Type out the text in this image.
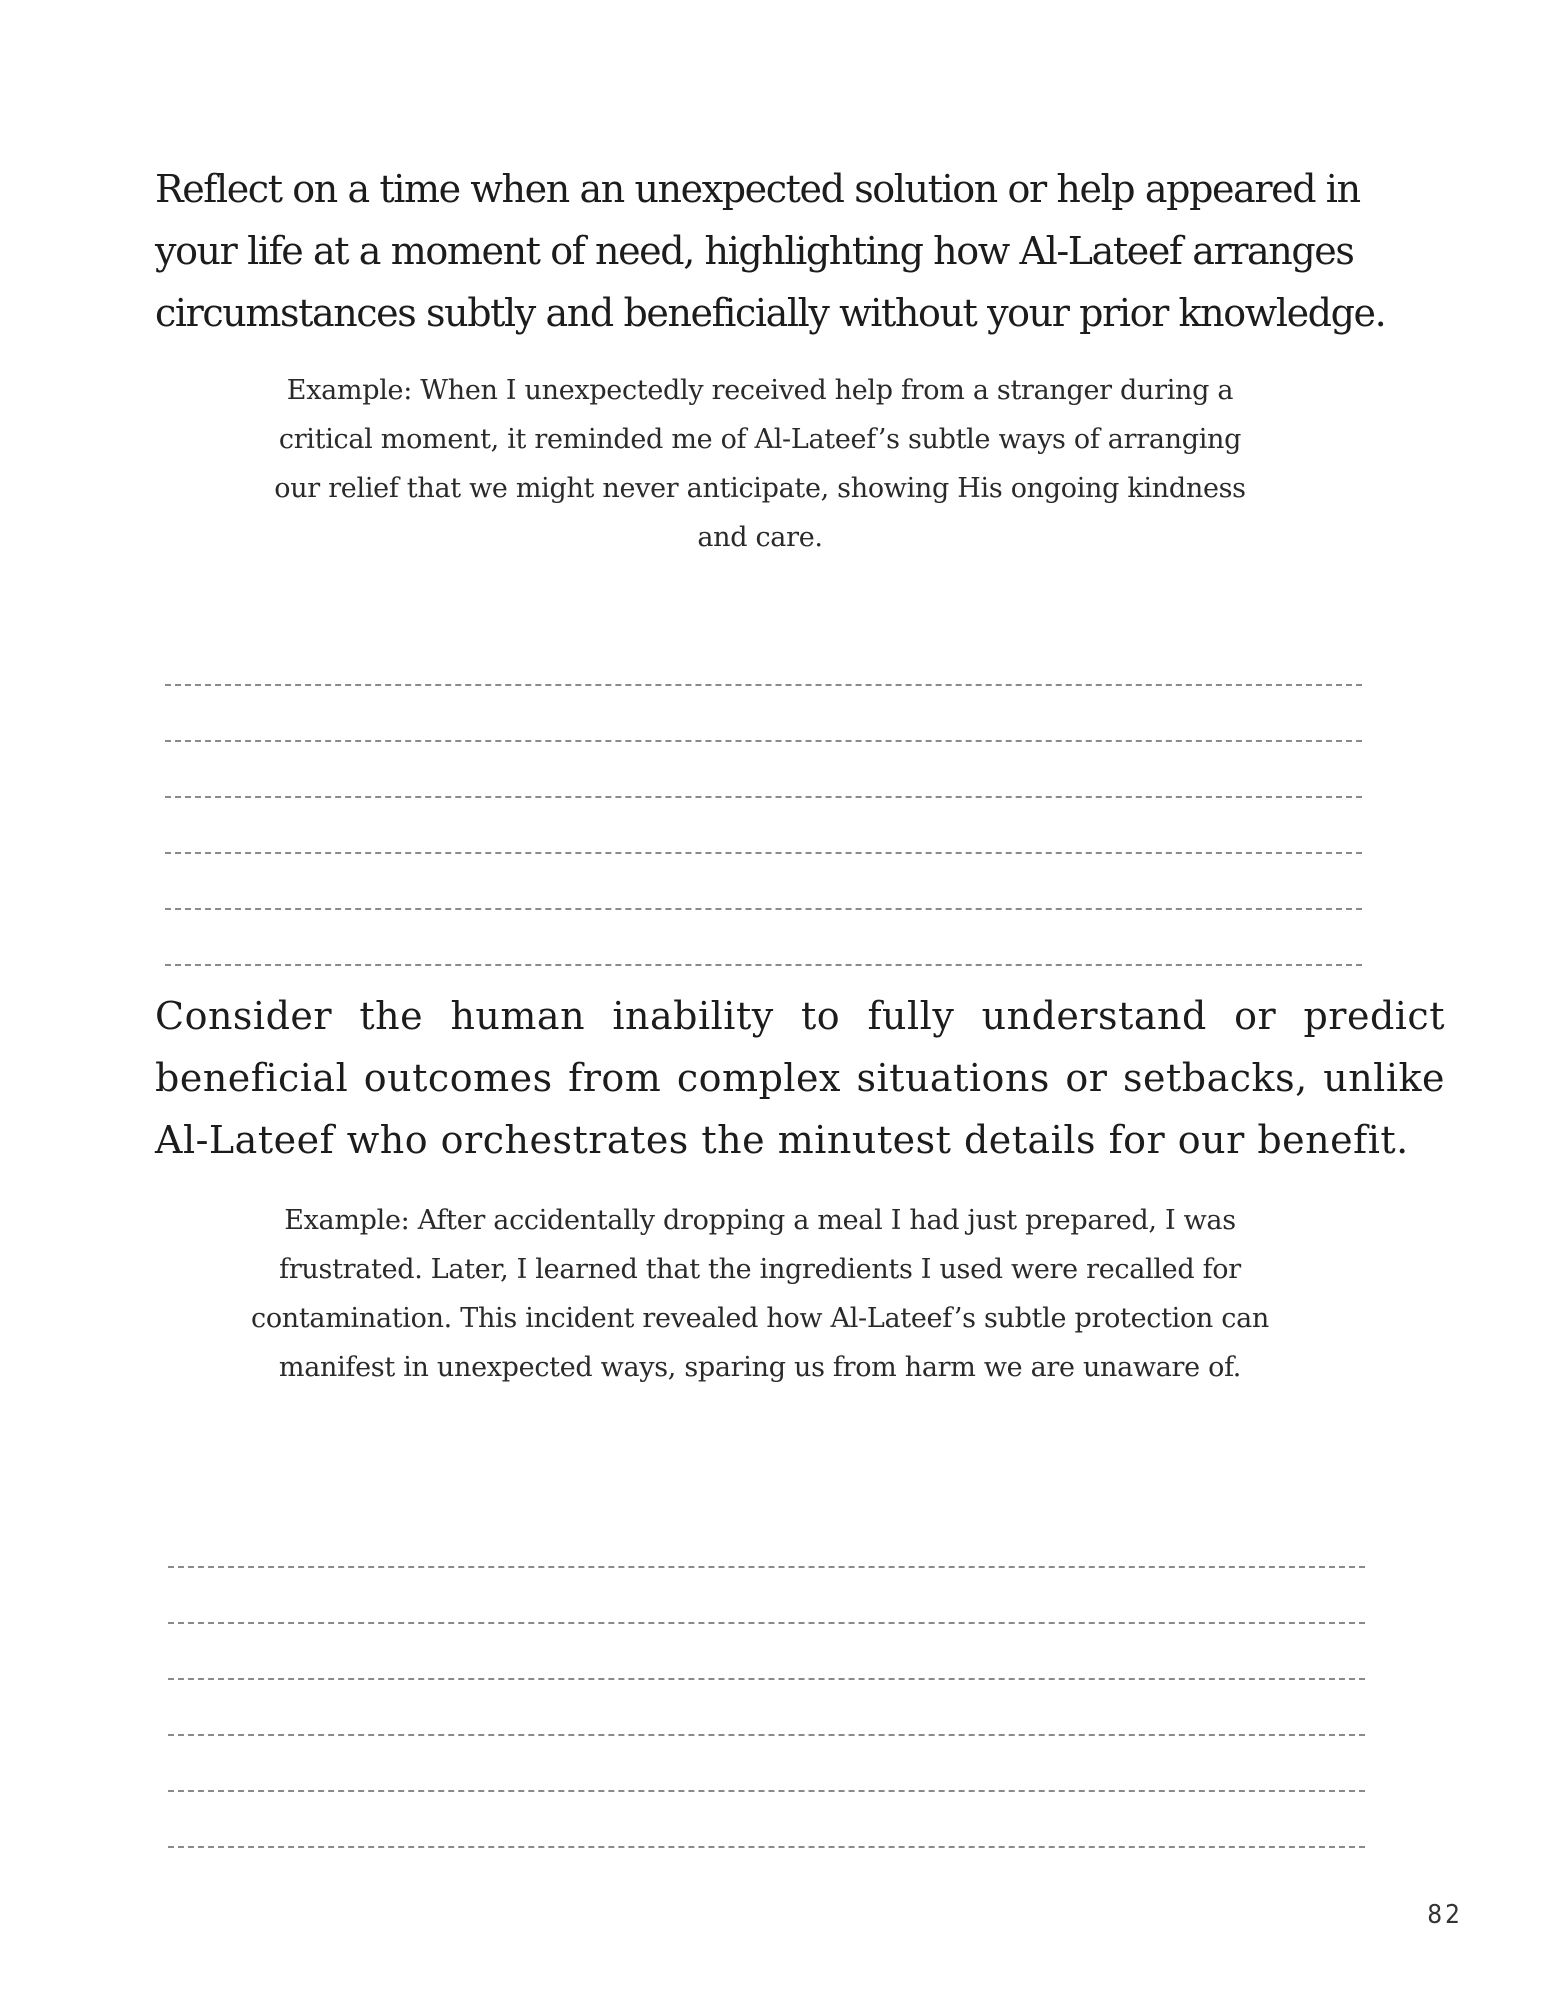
Reflect on a time when an unexpected solution or help appeared in your life at a moment of need, highlighting how Al-Lateef arranges circumstances subtly and beneficially without your prior knowledge.

Example: When I unexpectedly received help from a stranger during a critical moment, it reminded me of Al-Lateef’s subtle ways of arranging our relief that we might never anticipate, showing His ongoing kindness and care.

Consider the human inability to fully understand or predict beneficial outcomes from complex situations or setbacks, unlike Al-Lateef who orchestrates the minutest details for our benefit.

Example: After accidentally dropping a meal I had just prepared, I was frustrated. Later, I learned that the ingredients I used were recalled for contamination. This incident revealed how Al-Lateef’s subtle protection can manifest in unexpected ways, sparing us from harm we are unaware of.

82
